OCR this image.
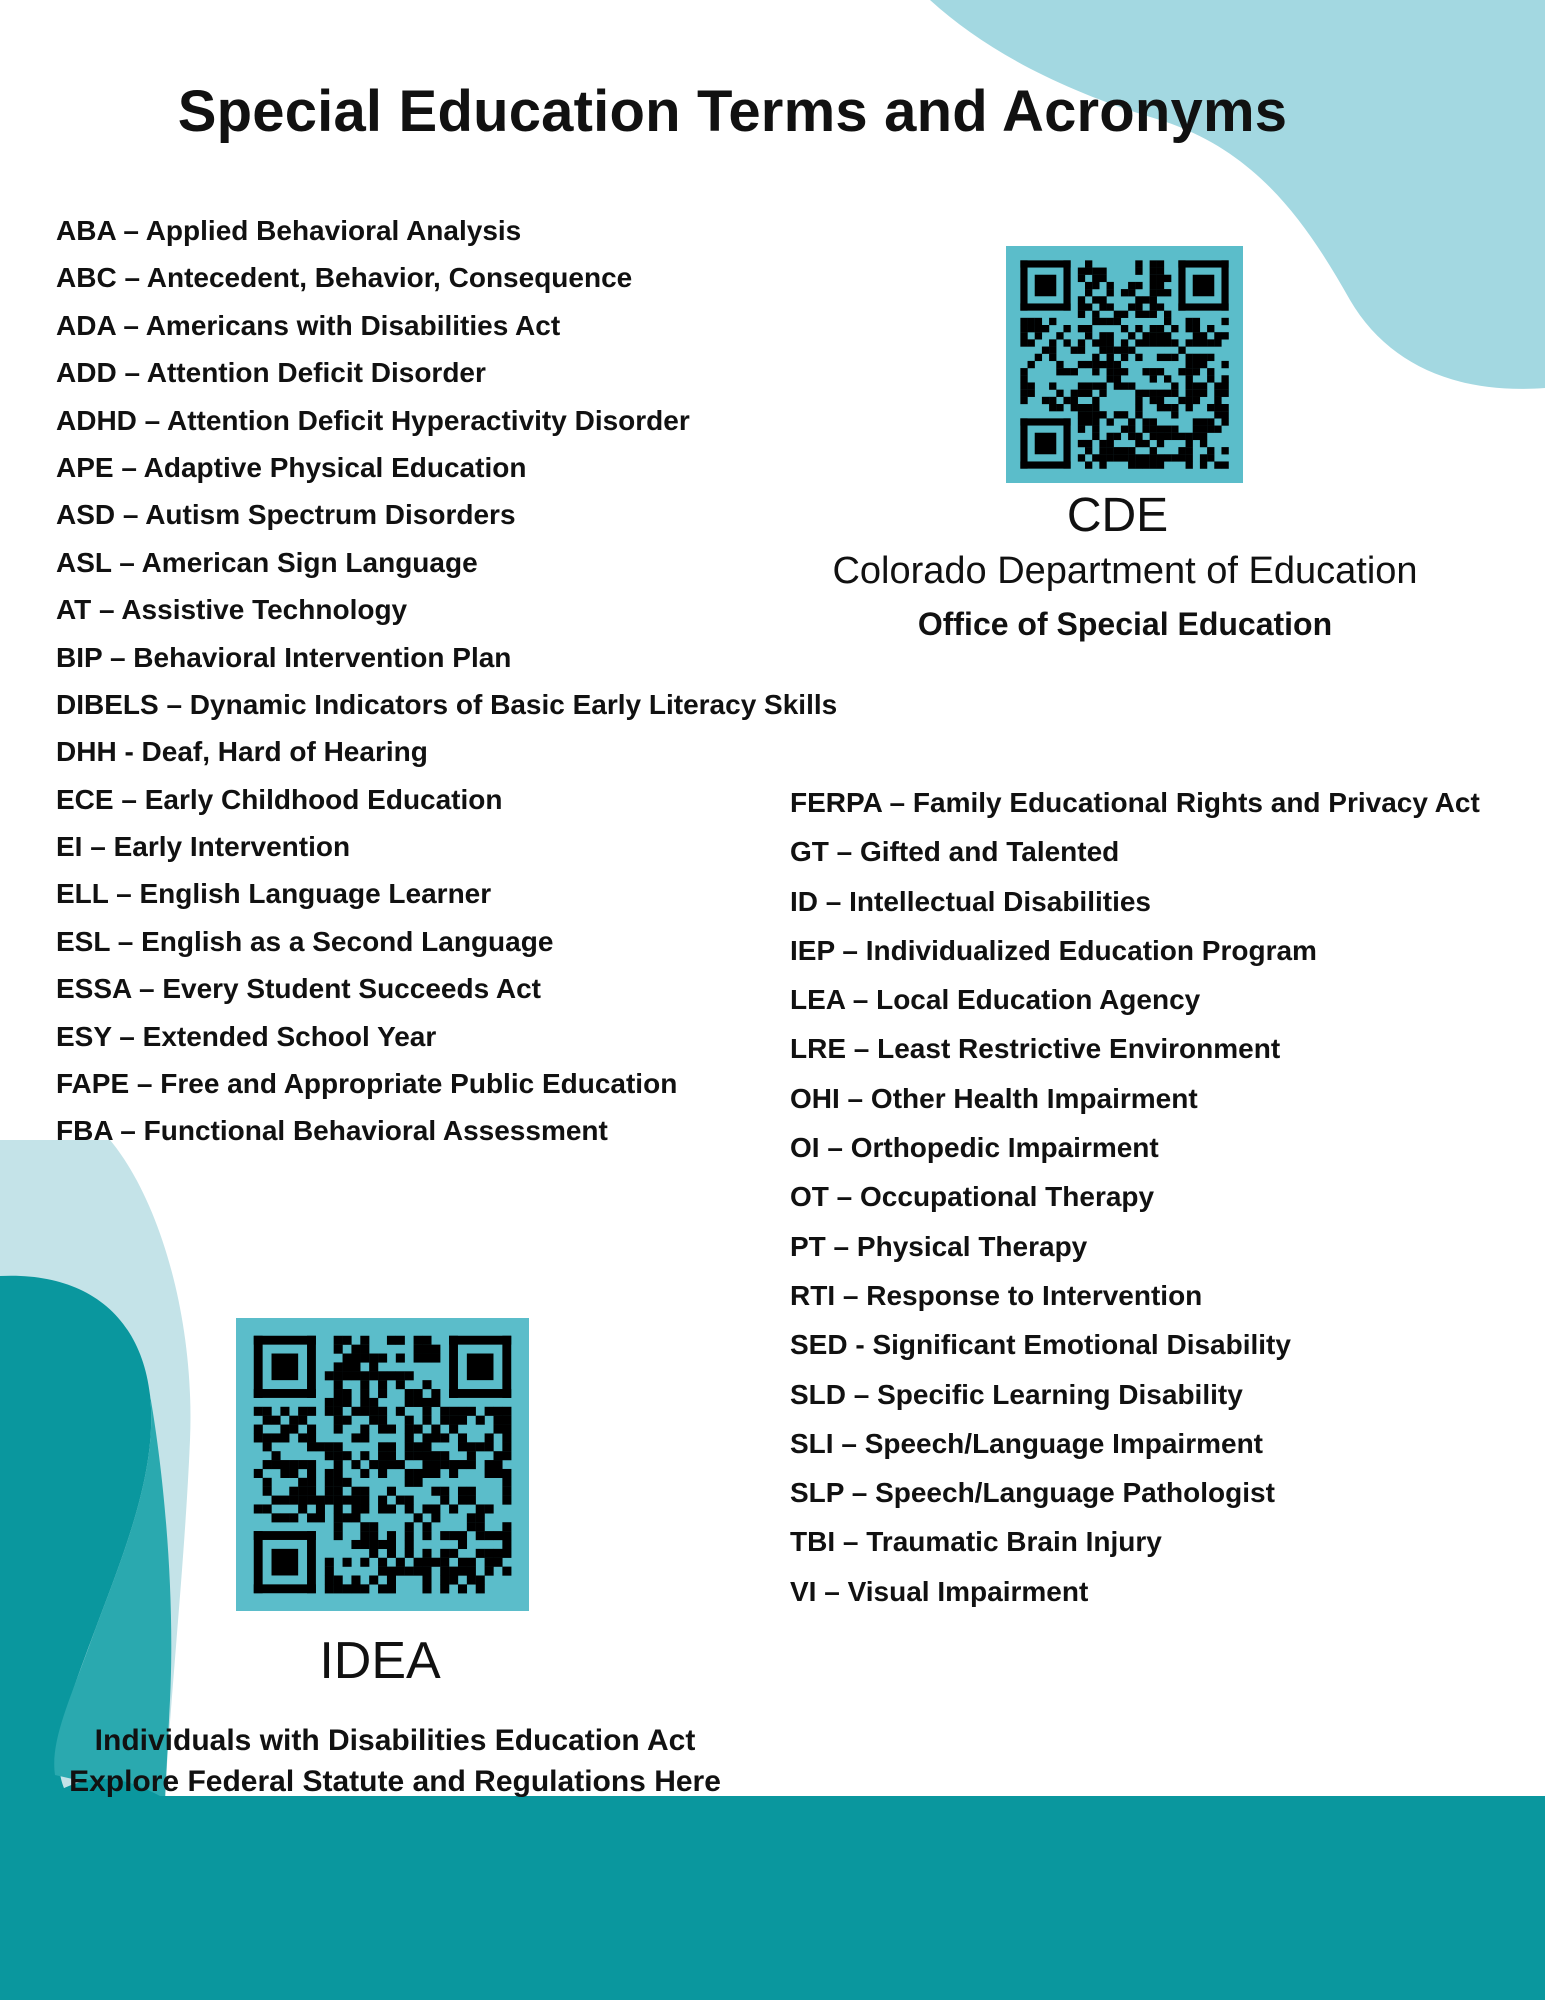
Special Education Terms and Acronyms
ABA – Applied Behavioral Analysis
ABC – Antecedent, Behavior, Consequence
ADA – Americans with Disabilities Act
ADD – Attention Deficit Disorder
ADHD – Attention Deficit Hyperactivity Disorder
APE – Adaptive Physical Education
ASD – Autism Spectrum Disorders
ASL – American Sign Language
AT – Assistive Technology
BIP – Behavioral Intervention Plan
DIBELS – Dynamic Indicators of Basic Early Literacy Skills
DHH - Deaf, Hard of Hearing
ECE – Early Childhood Education
EI – Early Intervention
ELL – English Language Learner
ESL – English as a Second Language
ESSA – Every Student Succeeds Act
ESY – Extended School Year
FAPE – Free and Appropriate Public Education
FBA – Functional Behavioral Assessment
FERPA – Family Educational Rights and Privacy Act
GT – Gifted and Talented
ID – Intellectual Disabilities
IEP – Individualized Education Program
LEA – Local Education Agency
LRE – Least Restrictive Environment
OHI – Other Health Impairment
OI – Orthopedic Impairment
OT – Occupational Therapy
PT – Physical Therapy
RTI – Response to Intervention
SED - Significant Emotional Disability
SLD – Specific Learning Disability
SLI – Speech/Language Impairment
SLP – Speech/Language Pathologist
TBI – Traumatic Brain Injury
VI – Visual Impairment
CDE
Colorado Department of Education
Office of Special Education
IDEA
Individuals with Disabilities Education Act
Explore Federal Statute and Regulations Here
